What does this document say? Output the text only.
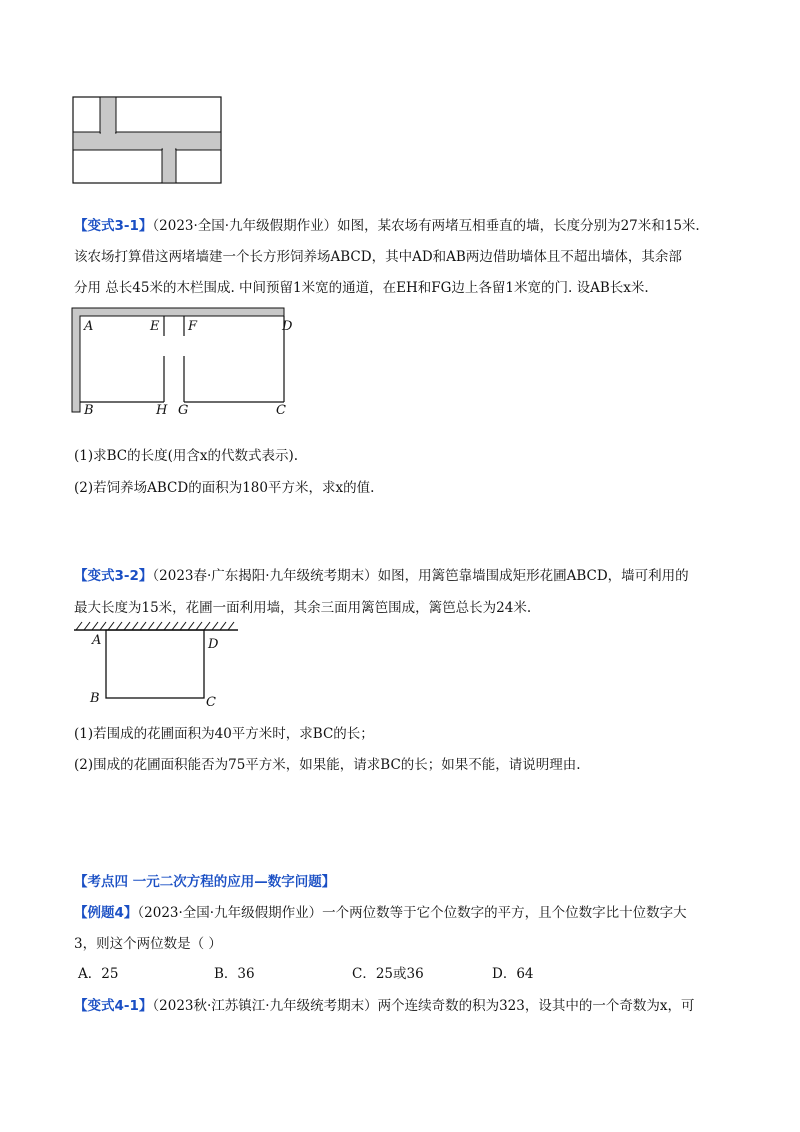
【变式3-1】（2023·全国·九年级假期作业）如图，某农场有两堵互相垂直的墙，长度分别为27米和15米.
该农场打算借这两堵墙建一个长方形饲养场ABCD，其中AD和AB两边借助墙体且不超出墙体，其余部
分用 总长45米的木栏围成. 中间预留1米宽的通道，在EH和FG边上各留1米宽的门. 设AB长x米.
A	E F	D
B	H G	C
(1)求BC的长度(用含x的代数式表示).
(2)若饲养场ABCD的面积为180平方米，求x的值.
【变式3-2】（2023春·广东揭阳·九年级统考期末）如图，用篱笆靠墙围成矩形花圃ABCD，墙可利用的
最大长度为15米，花圃一面利用墙，其余三面用篱笆围成，篱笆总长为24米.
A	D
B	C
(1)若围成的花圃面积为40平方米时，求BC的长；
(2)围成的花圃面积能否为75平方米，如果能，请求BC的长；如果不能，请说明理由.
【考点四 一元二次方程的应用—数字问题】
【例题4】（2023·全国·九年级假期作业）一个两位数等于它个位数字的平方，且个位数字比十位数字大
3，则这个两位数是（ ）
A．25	B．36	C．25或36	D．64
【变式4-1】（2023秋·江苏镇江·九年级统考期末）两个连续奇数的积为323，设其中的一个奇数为x，可
